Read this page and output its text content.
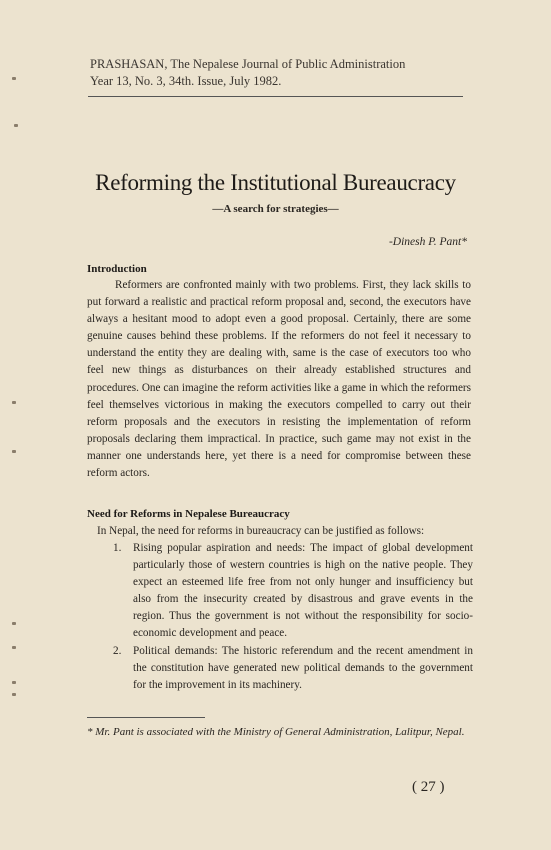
PRASHASAN, The Nepalese Journal of Public Administration
Year 13, No. 3, 34th. Issue, July 1982.
Reforming the Institutional Bureaucracy
—A search for strategies—
-Dinesh P. Pant*
Introduction

Reformers are confronted mainly with two problems. First, they lack skills to put forward a realistic and practical reform proposal and, second, the executors have always a hesitant mood to adopt even a good proposal. Certainly, there are some genuine causes behind these problems. If the reformers do not feel it necessary to understand the entity they are dealing with, same is the case of executors too who feel new things as disturbances on their already established structures and procedures. One can imagine the reform activities like a game in which the reformers feel themselves victorious in making the executors compelled to carry out their reform proposals and the executors in resisting the implementation of reform proposals declaring them impractical. In practice, such game may not exist in the manner one understands here, yet there is a need for compromise between these reform actors.

Need for Reforms in Nepalese Bureaucracy

In Nepal, the need for reforms in bureaucracy can be justified as follows:

1. Rising popular aspiration and needs: The impact of global development particularly those of western countries is high on the native people. They expect an esteemed life free from not only hunger and insufficiency but also from the insecurity created by disastrous and grave events in the region. Thus the government is not without the responsibility for socio-economic development and peace.
2. Political demands: The historic referendum and the recent amendment in the constitution have generated new political demands to the government for the improvement in its machinery.
* Mr. Pant is associated with the Ministry of General Administration, Lalitpur, Nepal.
( 27 )
